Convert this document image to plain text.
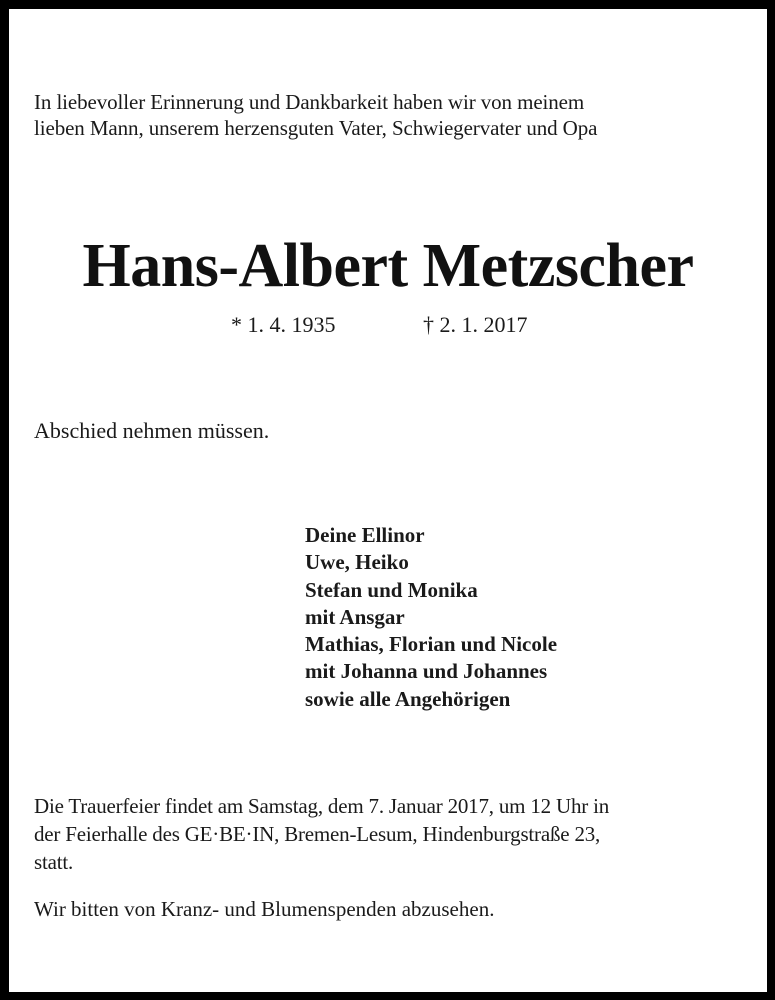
In liebevoller Erinnerung und Dankbarkeit haben wir von meinem
lieben Mann, unserem herzensguten Vater, Schwiegervater und Opa
Hans-Albert Metzscher
* 1. 4. 1935	† 2. 1. 2017
Abschied nehmen müssen.
Deine Ellinor
Uwe, Heiko
Stefan und Monika
mit Ansgar
Mathias, Florian und Nicole
mit Johanna und Johannes
sowie alle Angehörigen
Die Trauerfeier findet am Samstag, dem 7. Januar 2017, um 12 Uhr in
der Feierhalle des GE·BE·IN, Bremen-Lesum, Hindenburgstraße 23,
statt.
Wir bitten von Kranz- und Blumenspenden abzusehen.
